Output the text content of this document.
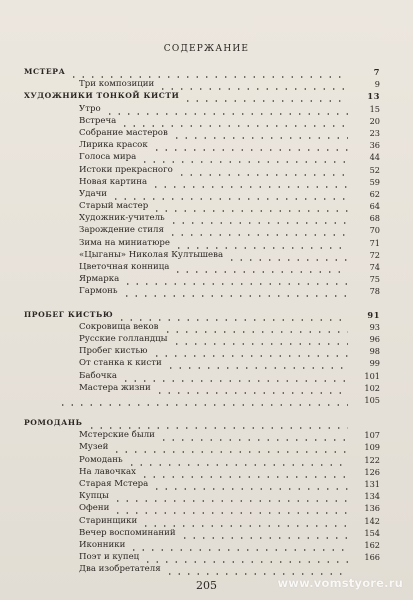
СОДЕРЖАНИЕ
МСТЕРА	7
Три композиции	9
ХУДОЖНИКИ ТОНКОЙ КИСТИ	13
Утро	15
Встреча	20
Собрание мастеров	23
Лирика красок	36
Голоса мира	44
Истоки прекрасного	52
Новая картина	59
Удачи	62
Старый мастер	64
Художник-учитель	68
Зарождение стиля	70
Зима на миниатюре	71
«Цыганы» Николая Култышева	72
Цветочная конница	74
Ярмарка	75
Гармонь	78
ПРОБЕГ КИСТЬЮ	91
Сокровища веков	93
Русские голландцы	96
Пробег кистью	98
От станка к кисти	99
Бабочка	101
Мастера жизни	102
105
РОМОДАНЬ
Мстерские были	107
Музей	109
Ромодань	122
На лавочках	126
Старая Мстера	131
Купцы	134
Офени	136
Старинщики	142
Вечер воспоминаний	154
Иконники	162
Поэт и купец	166
Два изобретателя
205	www.vomstyore.ru
